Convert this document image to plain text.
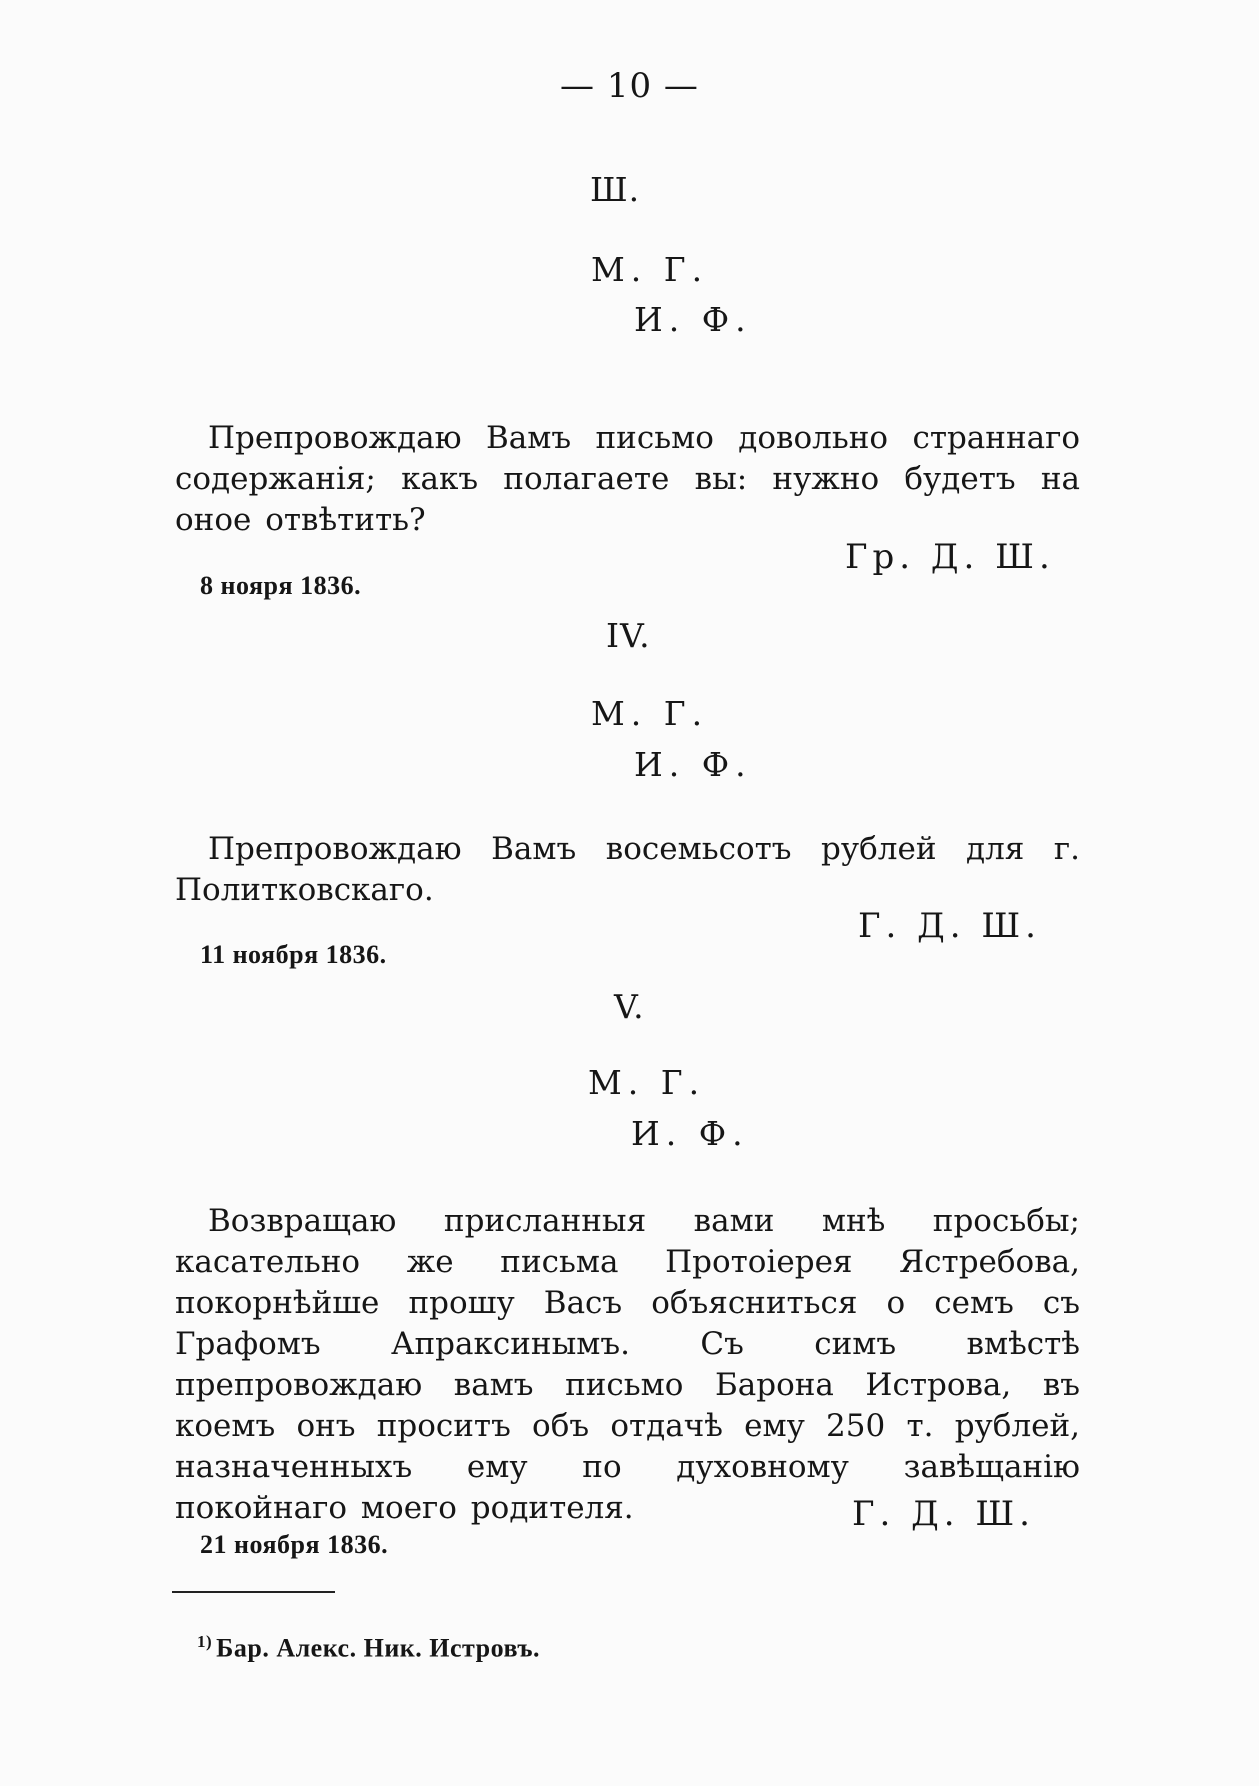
— 10 —
Ш.
М. Г.
И. Ф.
Препровождаю Вамъ письмо довольно страннаго содержанія; какъ полагаете вы: нужно будетъ на оное отвѣтить?
Гр. Д. Ш.
8 нояря 1836.
IV.
М. Г.
И. Ф.
Препровождаю Вамъ восемьсотъ рублей для г. Политковскаго.
Г. Д. Ш.
11 ноября 1836.
V.
М. Г.
И. Ф.
Возвращаю присланныя вами мнѣ просьбы; касательно же письма Протоіерея Ястребова, покорнѣйше прошу Васъ объясниться о семъ съ Графомъ Апраксинымъ. Съ симъ вмѣстѣ препровождаю вамъ письмо Барона Истрова, въ коемъ онъ проситъ объ отдачѣ ему 250 т. рублей, назначенныхъ ему по духовному завѣщанію покойнаго моего родителя.	Г. Д. Ш.
21 ноября 1836.
$^{1)}$ Бар. Алекс. Ник. Истровъ.
